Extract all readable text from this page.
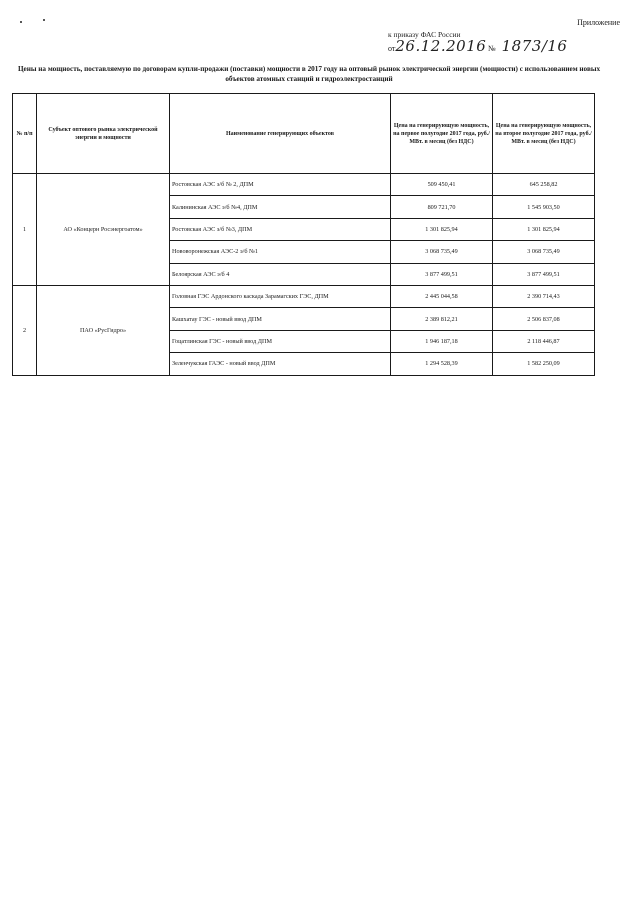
Приложение
к приказу ФАС России
от26.12.2016 № 1873/16
Цены на мощность, поставляемую по договорам купли-продажи (поставки) мощности в 2017 году на оптовый рынок электрической энергии (мощности) с использованием новых объектов атомных станций и гидроэлектростанций
№ п/п	Субъект оптового рынка электрической энергии и мощности	Наименование генерирующих объектов	Цена на генерирующую мощность, на первое полугодие 2017 года, руб./МВт. в месяц (без НДС)	Цена на генерирующую мощность, на второе полугодие 2017 года, руб./МВт. в месяц (без НДС)
1	АО «Концерн Росэнергоатом»	Ростовская АЭС э/б № 2, ДПМ	509 450,41	645 258,82
		Калининская АЭС э/б №4, ДПМ	809 721,70	1 545 903,50
		Ростовская АЭС э/б №3, ДПМ	1 301 825,94	1 301 825,94
		Нововоронежская АЭС-2 э/б №1	3 068 735,49	3 068 735,49
		Белоярская АЭС э/б 4	3 877 499,51	3 877 499,51
2	ПАО «РусГидро»	Головная ГЭС Ардонского каскада Зарамагских ГЭС, ДПМ	2 445 044,58	2 390 714,43
		Кашхатау ГЭС - новый ввод ДПМ	2 389 812,21	2 506 837,08
		Гоцатлинская ГЭС - новый ввод ДПМ	1 946 187,18	2 118 446,87
		Зеленчукская ГАЭС - новый ввод ДПМ	1 294 528,39	1 582 250,09
